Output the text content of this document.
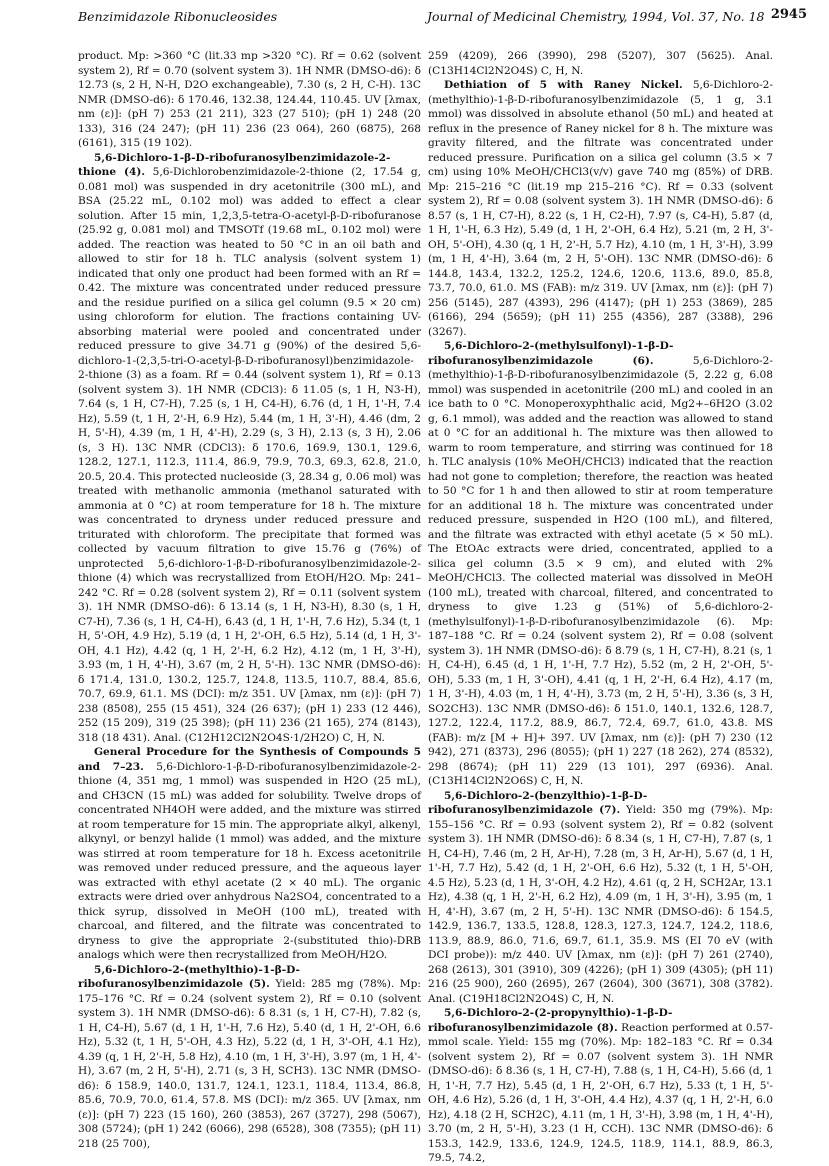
Benzimidazole Ribonucleosides	Journal of Medicinal Chemistry, 1994, Vol. 37, No. 18 2945

product. Mp: >360 °C (lit.33 mp >320 °C). Rf = 0.62 (solvent system 2), Rf = 0.70 (solvent system 3). 1H NMR (DMSO-d6): δ 12.73 (s, 2 H, N-H, D2O exchangeable), 7.30 (s, 2 H, C-H). 13C NMR (DMSO-d6): δ 170.46, 132.38, 124.44, 110.45. UV [λmax, nm (ε)]: (pH 7) 253 (21 211), 323 (27 510); (pH 1) 248 (20 133), 316 (24 247); (pH 11) 236 (23 064), 260 (6875), 268 (6161), 315 (19 102).

5,6-Dichloro-1-β-D-ribofuranosylbenzimidazole-2-thione (4). 5,6-Dichlorobenzimidazole-2-thione (2, 17.54 g, 0.081 mol) was suspended in dry acetonitrile (300 mL), and BSA (25.22 mL, 0.102 mol) was added to effect a clear solution. After 15 min, 1,2,3,5-tetra-O-acetyl-β-D-ribofuranose (25.92 g, 0.081 mol) and TMSOTf (19.68 mL, 0.102 mol) were added. The reaction was heated to 50 °C in an oil bath and allowed to stir for 18 h. TLC analysis (solvent system 1) indicated that only one product had been formed with an Rf = 0.42. The mixture was concentrated under reduced pressure and the residue purified on a silica gel column (9.5 × 20 cm) using chloroform for elution. The fractions containing UV-absorbing material were pooled and concentrated under reduced pressure to give 34.71 g (90%) of the desired 5,6-dichloro-1-(2,3,5-tri-O-acetyl-β-D-ribofuranosyl)benzimidazole-2-thione (3) as a foam. Rf = 0.44 (solvent system 1), Rf = 0.13 (solvent system 3). 1H NMR (CDCl3): δ 11.05 (s, 1 H, N3-H), 7.64 (s, 1 H, C7-H), 7.25 (s, 1 H, C4-H), 6.76 (d, 1 H, 1'-H, 7.4 Hz), 5.59 (t, 1 H, 2'-H, 6.9 Hz), 5.44 (m, 1 H, 3'-H), 4.46 (dm, 2 H, 5'-H), 4.39 (m, 1 H, 4'-H), 2.29 (s, 3 H), 2.13 (s, 3 H), 2.06 (s, 3 H). 13C NMR (CDCl3): δ 170.6, 169.9, 130.1, 129.6, 128.2, 127.1, 112.3, 111.4, 86.9, 79.9, 70.3, 69.3, 62.8, 21.0, 20.5, 20.4. This protected nucleoside (3, 28.34 g, 0.06 mol) was treated with methanolic ammonia (methanol saturated with ammonia at 0 °C) at room temperature for 18 h. The mixture was concentrated to dryness under reduced pressure and triturated with chloroform. The precipitate that formed was collected by vacuum filtration to give 15.76 g (76%) of unprotected 5,6-dichloro-1-β-D-ribofuranosylbenzimidazole-2-thione (4) which was recrystallized from EtOH/H2O. Mp: 241–242 °C. Rf = 0.28 (solvent system 2), Rf = 0.11 (solvent system 3). 1H NMR (DMSO-d6): δ 13.14 (s, 1 H, N3-H), 8.30 (s, 1 H, C7-H), 7.36 (s, 1 H, C4-H), 6.43 (d, 1 H, 1'-H, 7.6 Hz), 5.34 (t, 1 H, 5'-OH, 4.9 Hz), 5.19 (d, 1 H, 2'-OH, 6.5 Hz), 5.14 (d, 1 H, 3'-OH, 4.1 Hz), 4.42 (q, 1 H, 2'-H, 6.2 Hz), 4.12 (m, 1 H, 3'-H), 3.93 (m, 1 H, 4'-H), 3.67 (m, 2 H, 5'-H). 13C NMR (DMSO-d6): δ 171.4, 131.0, 130.2, 125.7, 124.8, 113.5, 110.7, 88.4, 85.6, 70.7, 69.9, 61.1. MS (DCI): m/z 351. UV [λmax, nm (ε)]: (pH 7) 238 (8508), 255 (15 451), 324 (26 637); (pH 1) 233 (12 446), 252 (15 209), 319 (25 398); (pH 11) 236 (21 165), 274 (8143), 318 (18 431). Anal. (C12H12Cl2N2O4S·1/2H2O) C, H, N.

General Procedure for the Synthesis of Compounds 5 and 7–23. 5,6-Dichloro-1-β-D-ribofuranosylbenzimidazole-2-thione (4, 351 mg, 1 mmol) was suspended in H2O (25 mL), and CH3CN (15 mL) was added for solubility. Twelve drops of concentrated NH4OH were added, and the mixture was stirred at room temperature for 15 min. The appropriate alkyl, alkenyl, alkynyl, or benzyl halide (1 mmol) was added, and the mixture was stirred at room temperature for 18 h. Excess acetonitrile was removed under reduced pressure, and the aqueous layer was extracted with ethyl acetate (2 × 40 mL). The organic extracts were dried over anhydrous Na2SO4, concentrated to a thick syrup, dissolved in MeOH (100 mL), treated with charcoal, and filtered, and the filtrate was concentrated to dryness to give the appropriate 2-(substituted thio)-DRB analogs which were then recrystallized from MeOH/H2O.

5,6-Dichloro-2-(methylthio)-1-β-D-ribofuranosylbenzimidazole (5). Yield: 285 mg (78%). Mp: 175–176 °C. Rf = 0.24 (solvent system 2), Rf = 0.10 (solvent system 3). 1H NMR (DMSO-d6): δ 8.31 (s, 1 H, C7-H), 7.82 (s, 1 H, C4-H), 5.67 (d, 1 H, 1'-H, 7.6 Hz), 5.40 (d, 1 H, 2'-OH, 6.6 Hz), 5.32 (t, 1 H, 5'-OH, 4.3 Hz), 5.22 (d, 1 H, 3'-OH, 4.1 Hz), 4.39 (q, 1 H, 2'-H, 5.8 Hz), 4.10 (m, 1 H, 3'-H), 3.97 (m, 1 H, 4'-H), 3.67 (m, 2 H, 5'-H), 2.71 (s, 3 H, SCH3). 13C NMR (DMSO-d6): δ 158.9, 140.0, 131.7, 124.1, 123.1, 118.4, 113.4, 86.8, 85.6, 70.9, 70.0, 61.4, 57.8. MS (DCI): m/z 365. UV [λmax, nm (ε)]: (pH 7) 223 (15 160), 260 (3853), 267 (3727), 298 (5067), 308 (5724); (pH 1) 242 (6066), 298 (6528), 308 (7355); (pH 11) 218 (25 700),

259 (4209), 266 (3990), 298 (5207), 307 (5625). Anal. (C13H14Cl2N2O4S) C, H, N.

Dethiation of 5 with Raney Nickel. 5,6-Dichloro-2-(methylthio)-1-β-D-ribofuranosylbenzimidazole (5, 1 g, 3.1 mmol) was dissolved in absolute ethanol (50 mL) and heated at reflux in the presence of Raney nickel for 8 h. The mixture was gravity filtered, and the filtrate was concentrated under reduced pressure. Purification on a silica gel column (3.5 × 7 cm) using 10% MeOH/CHCl3(v/v) gave 740 mg (85%) of DRB. Mp: 215–216 °C (lit.19 mp 215–216 °C). Rf = 0.33 (solvent system 2), Rf = 0.08 (solvent system 3). 1H NMR (DMSO-d6): δ 8.57 (s, 1 H, C7-H), 8.22 (s, 1 H, C2-H), 7.97 (s, C4-H), 5.87 (d, 1 H, 1'-H, 6.3 Hz), 5.49 (d, 1 H, 2'-OH, 6.4 Hz), 5.21 (m, 2 H, 3'-OH, 5'-OH), 4.30 (q, 1 H, 2'-H, 5.7 Hz), 4.10 (m, 1 H, 3'-H), 3.99 (m, 1 H, 4'-H), 3.64 (m, 2 H, 5'-OH). 13C NMR (DMSO-d6): δ 144.8, 143.4, 132.2, 125.2, 124.6, 120.6, 113.6, 89.0, 85.8, 73.7, 70.0, 61.0. MS (FAB): m/z 319. UV [λmax, nm (ε)]: (pH 7) 256 (5145), 287 (4393), 296 (4147); (pH 1) 253 (3869), 285 (6166), 294 (5659); (pH 11) 255 (4356), 287 (3388), 296 (3267).

5,6-Dichloro-2-(methylsulfonyl)-1-β-D-ribofuranosylbenzimidazole (6).	5,6-Dichloro-2-(methylthio)-1-β-D-ribofuranosylbenzimidazole (5, 2.22 g, 6.08 mmol) was suspended in acetonitrile (200 mL) and cooled in an ice bath to 0 °C. Monoperoxyphthalic acid, Mg2+–6H2O (3.02 g, 6.1 mmol), was added and the reaction was allowed to stand at 0 °C for an additional h. The mixture was then allowed to warm to room temperature, and stirring was continued for 18 h. TLC analysis (10% MeOH/CHCl3) indicated that the reaction had not gone to completion; therefore, the reaction was heated to 50 °C for 1 h and then allowed to stir at room temperature for an additional 18 h. The mixture was concentrated under reduced pressure, suspended in H2O (100 mL), and filtered, and the filtrate was extracted with ethyl acetate (5 × 50 mL). The EtOAc extracts were dried, concentrated, applied to a silica gel column (3.5 × 9 cm), and eluted with 2% MeOH/CHCl3. The collected material was dissolved in MeOH (100 mL), treated with charcoal, filtered, and concentrated to dryness to give 1.23 g (51%) of 5,6-dichloro-2-(methylsulfonyl)-1-β-D-ribofuranosylbenzimidazole (6). Mp: 187–188 °C. Rf = 0.24 (solvent system 2), Rf = 0.08 (solvent system 3). 1H NMR (DMSO-d6): δ 8.79 (s, 1 H, C7-H), 8.21 (s, 1 H, C4-H), 6.45 (d, 1 H, 1'-H, 7.7 Hz), 5.52 (m, 2 H, 2'-OH, 5'-OH), 5.33 (m, 1 H, 3'-OH), 4.41 (q, 1 H, 2'-H, 6.4 Hz), 4.17 (m, 1 H, 3'-H), 4.03 (m, 1 H, 4'-H), 3.73 (m, 2 H, 5'-H), 3.36 (s, 3 H, SO2CH3). 13C NMR (DMSO-d6): δ 151.0, 140.1, 132.6, 128.7, 127.2, 122.4, 117.2, 88.9, 86.7, 72.4, 69.7, 61.0, 43.8. MS (FAB): m/z [M + H]+ 397. UV [λmax, nm (ε)]: (pH 7) 230 (12 942), 271 (8373), 296 (8055); (pH 1) 227 (18 262), 274 (8532), 298 (8674); (pH 11) 229 (13 101), 297 (6936). Anal. (C13H14Cl2N2O6S) C, H, N.

5,6-Dichloro-2-(benzylthio)-1-β-D-ribofuranosylbenzimidazole (7). Yield: 350 mg (79%). Mp: 155–156 °C. Rf = 0.93 (solvent system 2), Rf = 0.82 (solvent system 3). 1H NMR (DMSO-d6): δ 8.34 (s, 1 H, C7-H), 7.87 (s, 1 H, C4-H), 7.46 (m, 2 H, Ar-H), 7.28 (m, 3 H, Ar-H), 5.67 (d, 1 H, 1'-H, 7.7 Hz), 5.42 (d, 1 H, 2'-OH, 6.6 Hz), 5.32 (t, 1 H, 5'-OH, 4.5 Hz), 5.23 (d, 1 H, 3'-OH, 4.2 Hz), 4.61 (q, 2 H, SCH2Ar, 13.1 Hz), 4.38 (q, 1 H, 2'-H, 6.2 Hz), 4.09 (m, 1 H, 3'-H), 3.95 (m, 1 H, 4'-H), 3.67 (m, 2 H, 5'-H). 13C NMR (DMSO-d6): δ 154.5, 142.9, 136.7, 133.5, 128.8, 128.3, 127.3, 124.7, 124.2, 118.6, 113.9, 88.9, 86.0, 71.6, 69.7, 61.1, 35.9. MS (EI 70 eV (with DCI probe)): m/z 440. UV [λmax, nm (ε)]: (pH 7) 261 (2740), 268 (2613), 301 (3910), 309 (4226); (pH 1) 309 (4305); (pH 11) 216 (25 900), 260 (2695), 267 (2604), 300 (3671), 308 (3782). Anal. (C19H18Cl2N2O4S) C, H, N.

5,6-Dichloro-2-(2-propynylthio)-1-β-D-ribofuranosylbenzimidazole (8). Reaction performed at 0.57-mmol scale. Yield: 155 mg (70%). Mp: 182–183 °C. Rf = 0.34 (solvent system 2), Rf = 0.07 (solvent system 3). 1H NMR (DMSO-d6): δ 8.36 (s, 1 H, C7-H), 7.88 (s, 1 H, C4-H), 5.66 (d, 1 H, 1'-H, 7.7 Hz), 5.45 (d, 1 H, 2'-OH, 6.7 Hz), 5.33 (t, 1 H, 5'-OH, 4.6 Hz), 5.26 (d, 1 H, 3'-OH, 4.4 Hz), 4.37 (q, 1 H, 2'-H, 6.0 Hz), 4.18 (2 H, SCH2C), 4.11 (m, 1 H, 3'-H), 3.98 (m, 1 H, 4'-H), 3.70 (m, 2 H, 5'-H), 3.23 (1 H, CCH). 13C NMR (DMSO-d6): δ 153.3, 142.9, 133.6, 124.9, 124.5, 118.9, 114.1, 88.9, 86.3, 79.5, 74.2,
